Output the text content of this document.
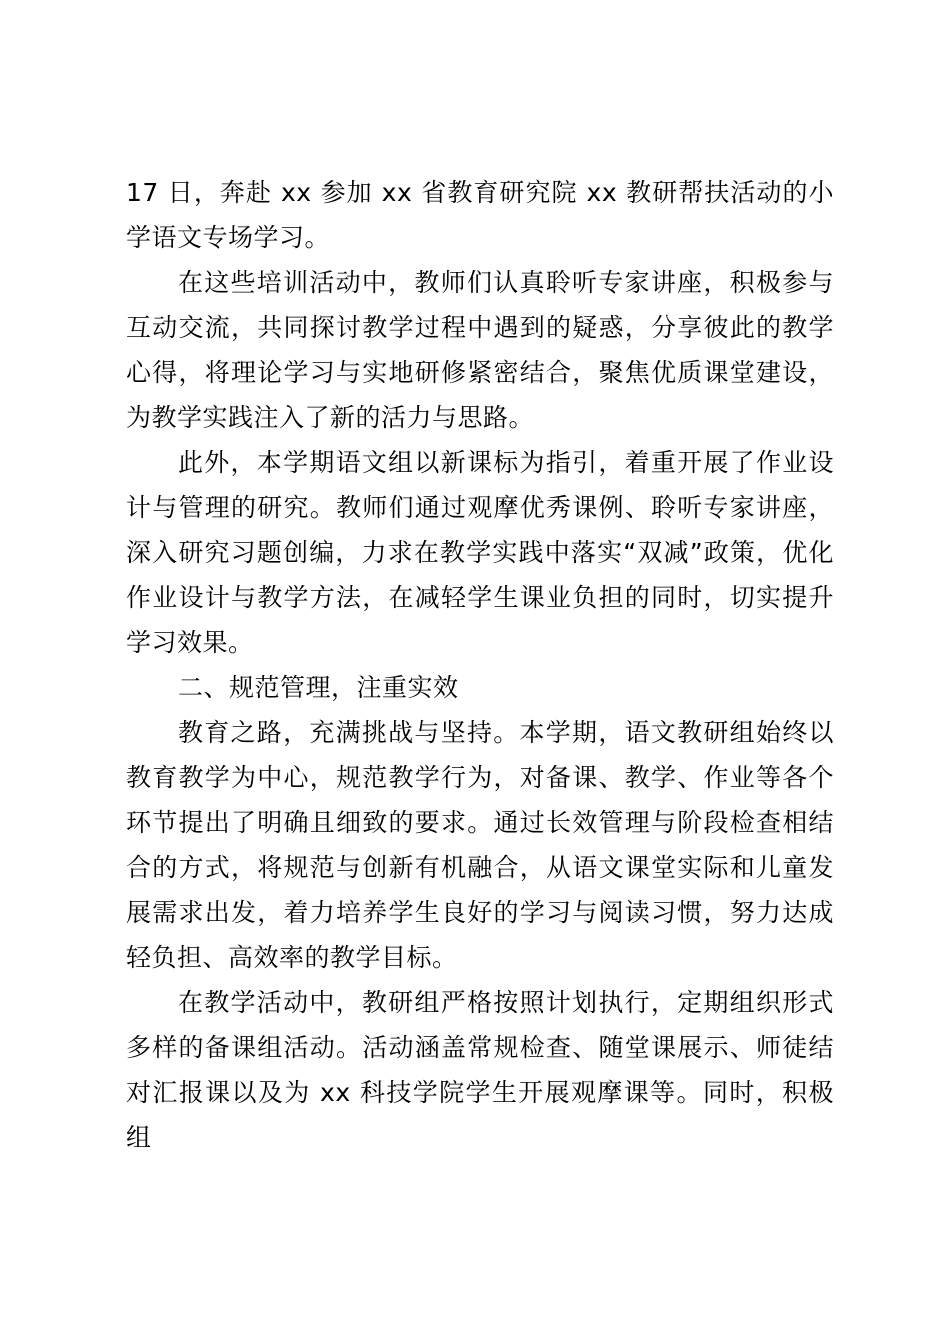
17 日，奔赴 xx 参加 xx 省教育研究院 xx 教研帮扶活动的小学语文专场学习。

在这些培训活动中，教师们认真聆听专家讲座，积极参与互动交流，共同探讨教学过程中遇到的疑惑，分享彼此的教学心得，将理论学习与实地研修紧密结合，聚焦优质课堂建设，为教学实践注入了新的活力与思路。

此外，本学期语文组以新课标为指引，着重开展了作业设计与管理的研究。教师们通过观摩优秀课例、聆听专家讲座，深入研究习题创编，力求在教学实践中落实“双减”政策，优化作业设计与教学方法，在减轻学生课业负担的同时，切实提升学习效果。

二、规范管理，注重实效

教育之路，充满挑战与坚持。本学期，语文教研组始终以教育教学为中心，规范教学行为，对备课、教学、作业等各个环节提出了明确且细致的要求。通过长效管理与阶段检查相结合的方式，将规范与创新有机融合，从语文课堂实际和儿童发展需求出发，着力培养学生良好的学习与阅读习惯，努力达成轻负担、高效率的教学目标。

在教学活动中，教研组严格按照计划执行，定期组织形式多样的备课组活动。活动涵盖常规检查、随堂课展示、师徒结对汇报课以及为 xx 科技学院学生开展观摩课等。同时，积极组
